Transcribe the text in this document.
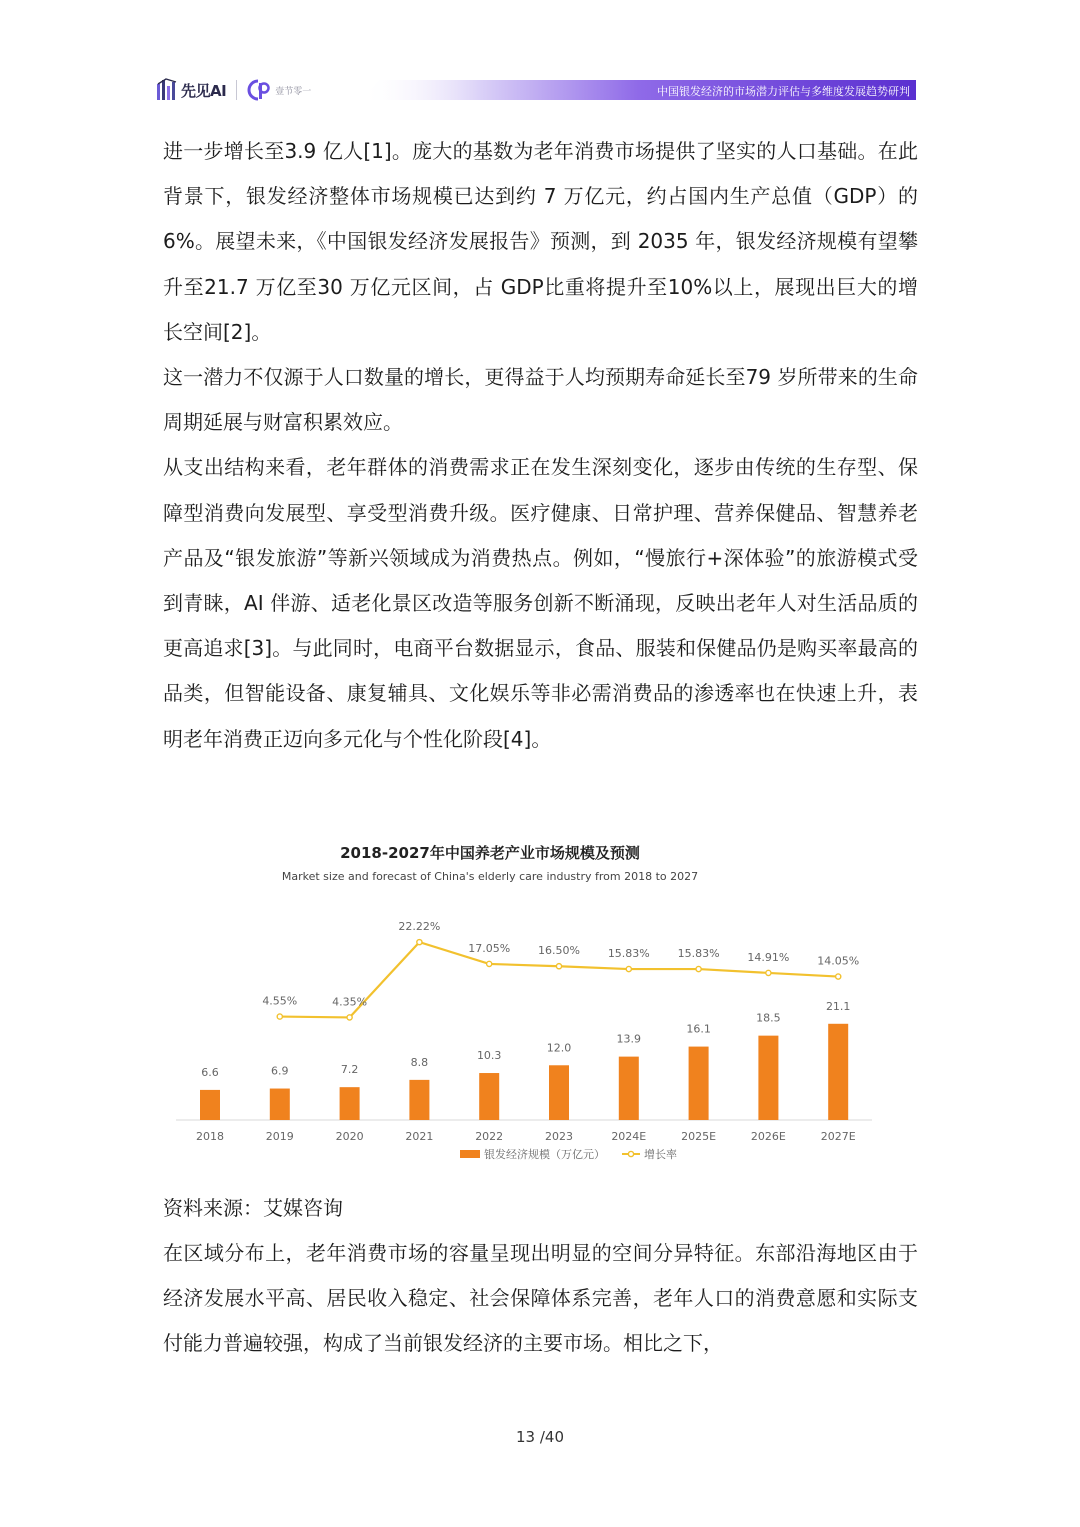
先见AI	壹节零一	中国银发经济的市场潜力评估与多维度发展趋势研判

进一步增长至3.9 亿人[1]。庞大的基数为老年消费市场提供了坚实的人口基础。在此背景下，银发经济整体市场规模已达到约 7 万亿元，约占国内生产总值（GDP）的 6%。展望未来，《中国银发经济发展报告》预测，到 2035 年，银发经济规模有望攀升至21.7 万亿至30 万亿元区间，占 GDP比重将提升至10%以上，展现出巨大的增长空间[2]。

这一潜力不仅源于人口数量的增长，更得益于人均预期寿命延长至79 岁所带来的生命周期延展与财富积累效应。

从支出结构来看，老年群体的消费需求正在发生深刻变化，逐步由传统的生存型、保障型消费向发展型、享受型消费升级。医疗健康、日常护理、营养保健品、智慧养老产品及“银发旅游”等新兴领域成为消费热点。例如，“慢旅行+深体验”的旅游模式受到青睐，AI 伴游、适老化景区改造等服务创新不断涌现，反映出老年人对生活品质的更高追求[3]。与此同时，电商平台数据显示，食品、服装和保健品仍是购买率最高的品类，但智能设备、康复辅具、文化娱乐等非必需消费品的渗透率也在快速上升，表明老年消费正迈向多元化与个性化阶段[4]。

2018-2027年中国养老产业市场规模及预测
Market size and forecast of China's elderly care industry from 2018 to 2027
6.6
2018
6.9
2019
7.2
2020
8.8
2021
10.3
2022
12.0
2023
13.9
2024E
16.1
2025E
18.5
2026E
21.1
2027E
4.55%	4.35%
22.22%
17.05%	16.50%	15.83%	15.83%	14.91%	14.05%
银发经济规模（万亿元）	增长率
资料来源：艾媒咨询

在区域分布上，老年消费市场的容量呈现出明显的空间分异特征。东部沿海地区由于经济发展水平高、居民收入稳定、社会保障体系完善，老年人口的消费意愿和实际支付能力普遍较强，构成了当前银发经济的主要市场。相比之下，

13 /40
